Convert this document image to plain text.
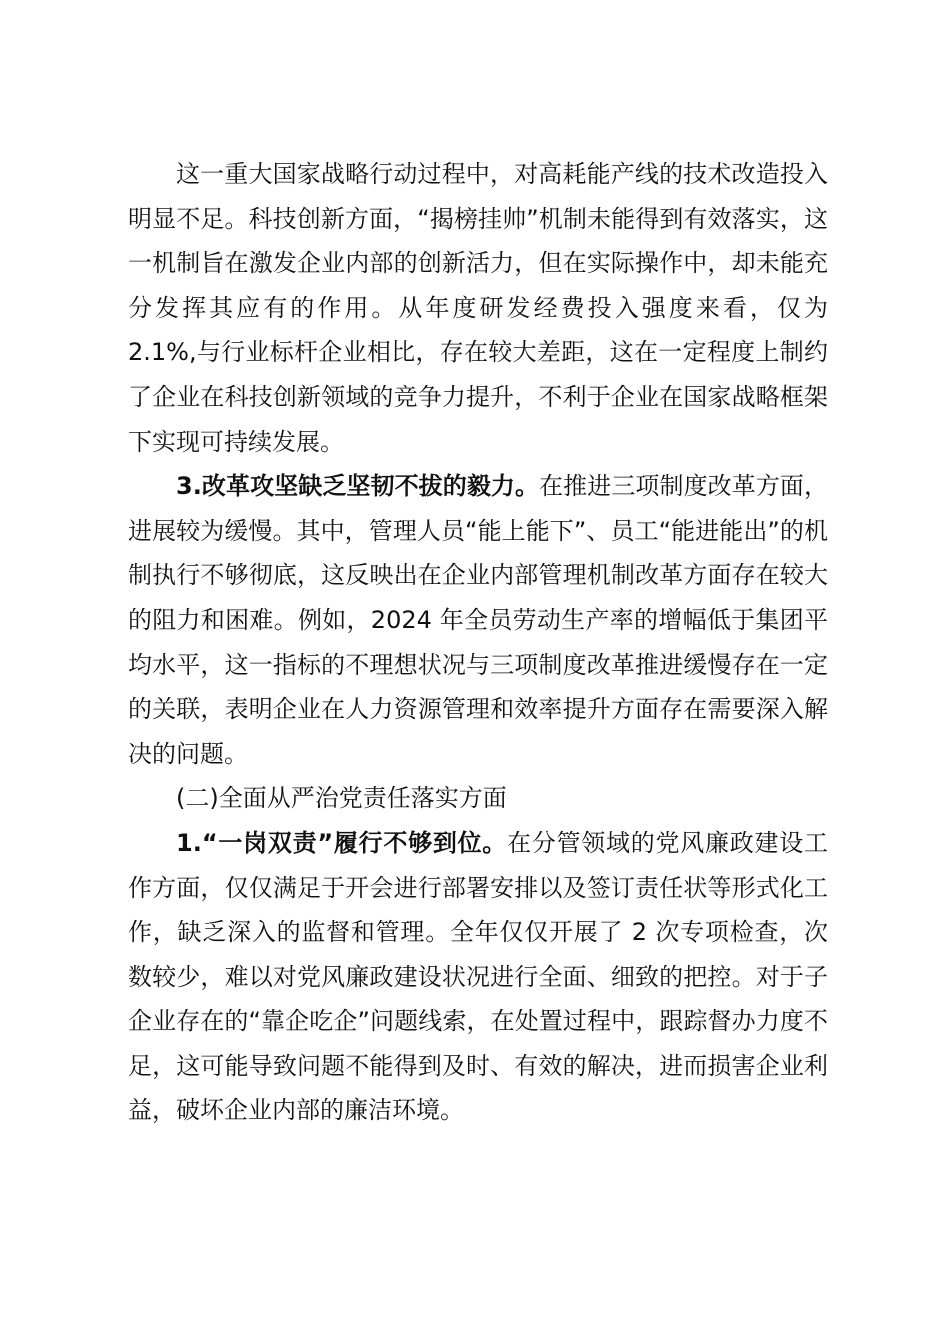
这一重大国家战略行动过程中，对高耗能产线的技术改造投入明显不足。科技创新方面，“揭榜挂帅”机制未能得到有效落实，这一机制旨在激发企业内部的创新活力，但在实际操作中，却未能充分发挥其应有的作用。从年度研发经费投入强度来看，仅为 2.1%,与行业标杆企业相比，存在较大差距，这在一定程度上制约了企业在科技创新领域的竞争力提升，不利于企业在国家战略框架下实现可持续发展。

3.改革攻坚缺乏坚韧不拔的毅力。在推进三项制度改革方面，进展较为缓慢。其中，管理人员“能上能下”、员工“能进能出”的机制执行不够彻底，这反映出在企业内部管理机制改革方面存在较大的阻力和困难。例如，2024 年全员劳动生产率的增幅低于集团平均水平，这一指标的不理想状况与三项制度改革推进缓慢存在一定的关联，表明企业在人力资源管理和效率提升方面存在需要深入解决的问题。

(二)全面从严治党责任落实方面

1.“一岗双责”履行不够到位。在分管领域的党风廉政建设工作方面，仅仅满足于开会进行部署安排以及签订责任状等形式化工作，缺乏深入的监督和管理。全年仅仅开展了 2 次专项检查，次数较少，难以对党风廉政建设状况进行全面、细致的把控。对于子企业存在的“靠企吃企”问题线索，在处置过程中，跟踪督办力度不足，这可能导致问题不能得到及时、有效的解决，进而损害企业利益，破坏企业内部的廉洁环境。
